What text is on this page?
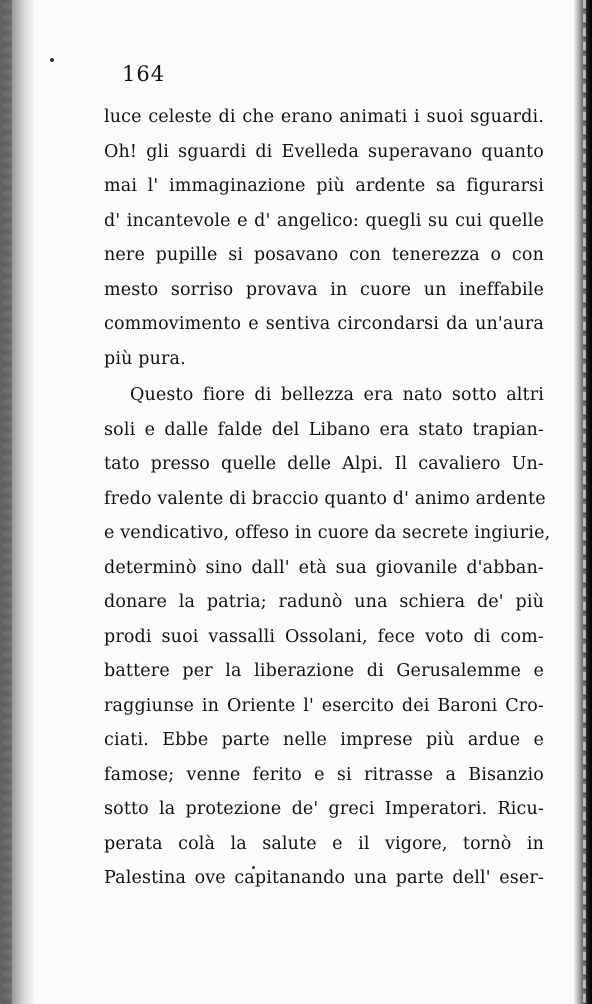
164
luce celeste di che erano animati i suoi sguardi.
Oh! gli sguardi di Evelleda superavano quanto
mai l' immaginazione più ardente sa figurarsi
d' incantevole e d' angelico: quegli su cui quelle
nere pupille si posavano con tenerezza o con
mesto sorriso provava in cuore un ineffabile
commovimento e sentiva circondarsi da un'aura
più pura.
Questo fiore di bellezza era nato sotto altri
soli e dalle falde del Libano era stato trapian-
tato presso quelle delle Alpi. Il cavaliero Un-
fredo valente di braccio quanto d' animo ardente
e vendicativo, offeso in cuore da secrete ingiurie,
determinò sino dall' età sua giovanile d'abban-
donare la patria; radunò una schiera de' più
prodi suoi vassalli Ossolani, fece voto di com-
battere per la liberazione di Gerusalemme e
raggiunse in Oriente l' esercito dei Baroni Cro-
ciati. Ebbe parte nelle imprese più ardue e
famose; venne ferito e si ritrasse a Bisanzio
sotto la protezione de' greci Imperatori. Ricu-
perata colà la salute e il vigore, tornò in
Palestina ove capitanando una parte dell' eser-
